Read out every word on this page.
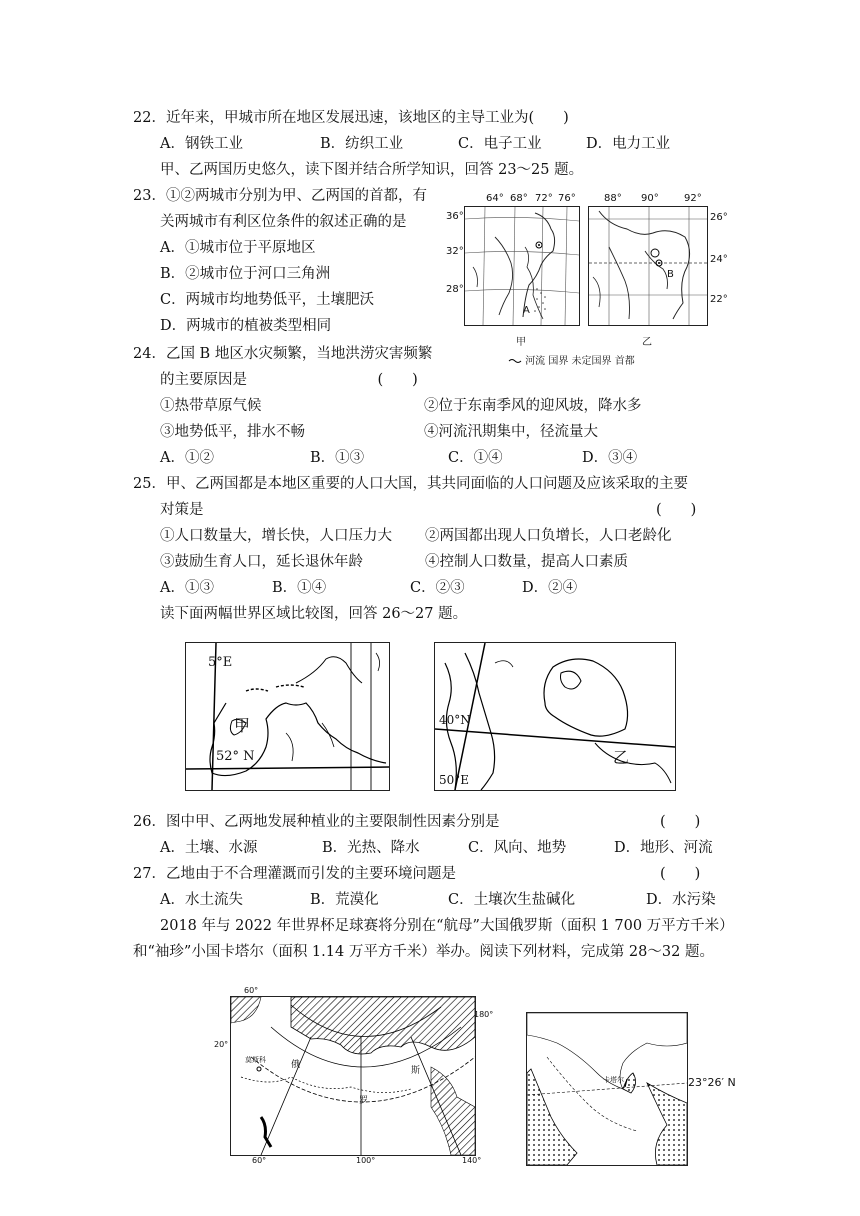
22．近年来，甲城市所在地区发展迅速，该地区的主导工业为(　　)
A．钢铁工业	B．纺织工业	C．电子工业	D．电力工业
甲、乙两国历史悠久，读下图并结合所学知识，回答 23～25 题。
23．①②两城市分别为甲、乙两国的首都，有
关两城市有利区位条件的叙述正确的是
A．①城市位于平原地区
B．②城市位于河口三角洲
C．两城市均地势低平，土壤肥沃
D．两城市的植被类型相同
A
64° 68° 72° 76°
36°
32°
28°
甲
B
88° 90°	92°
26°
24°
22°
乙
河流 国界 未定国界 首都
24．乙国 B 地区水灾频繁，当地洪涝灾害频繁
的主要原因是　　　　　　　　　(　　)
①热带草原气候	②位于东南季风的迎风坡，降水多
③地势低平，排水不畅	④河流汛期集中，径流量大
A．①②	B．①③	C．①④	D．③④
25．甲、乙两国都是本地区重要的人口大国，其共同面临的人口问题及应该采取的主要
对策是	(　　)
①人口数量大，增长快，人口压力大 ②两国都出现人口负增长，人口老龄化
③鼓励生育人口，延长退休年龄	④控制人口数量，提高人口素质
A．①③	B．①④	C．②③	D．②④
读下面两幅世界区域比较图，回答 26～27 题。
5°E
甲
52° N
40°N
50°E
乙
26．图中甲、乙两地发展种植业的主要限制性因素分别是	(　　)
A．土壤、水源	B．光热、降水	C．风向、地势	D．地形、河流
27．乙地由于不合理灌溉而引发的主要环境问题是	(　　)
A．水土流失	B．荒漠化	C．土壤次生盐碱化	D．水污染
2018 年与 2022 年世界杯足球赛将分别在“航母”大国俄罗斯（面积 1 700 万平方千米）
和“袖珍”小国卡塔尔（面积 1.14 万平方千米）举办。阅读下列材料，完成第 28～32 题。
莫斯科	俄
罗
斯
60°
180°
20°
60°	100°	140°
卡塔尔	23°26′ N
